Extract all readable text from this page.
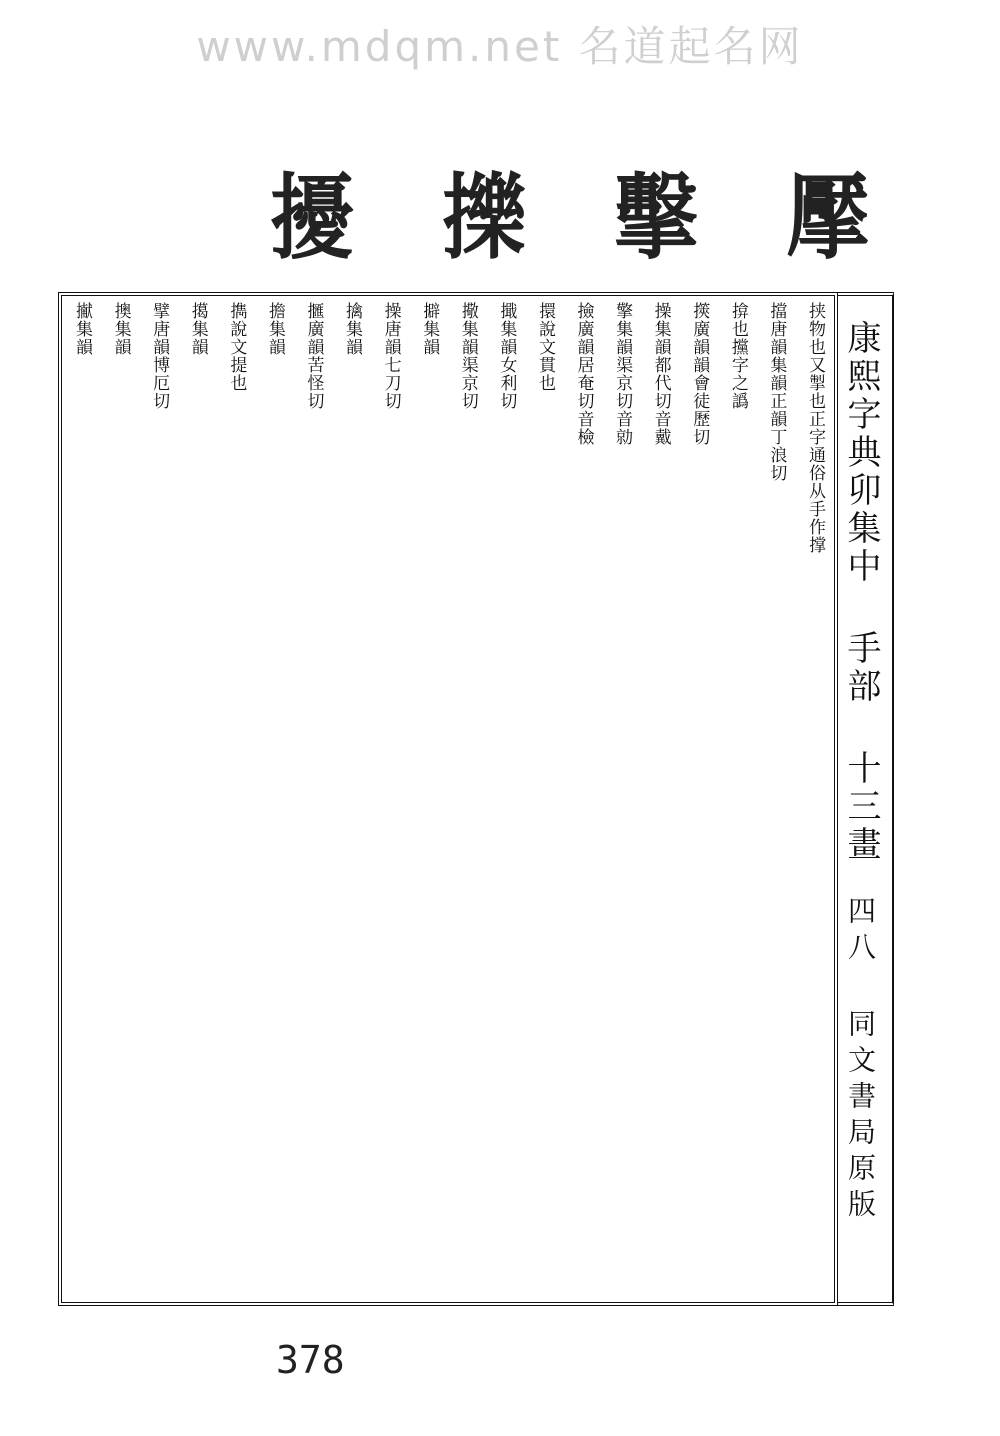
www.mdqm.net 名道起名网
擪
擊
擽
擾
挟物也又掣也正字通俗从手作撑
擋唐韻集韻正韻丁浪切
揜也攩字之譌
擌廣韻韻會徒歷切
操集韻都代切音戴
擎集韻渠京切音勍
撿廣韻居奄切音檢
擐說文貫也
擑集韻女利切
擏集韻渠京切
擗集韻
操唐韻七刀切
擒集韻
擓廣韻苦怪切
擔集韻
擕說文提也
擖集韻
擘唐韻博厄切
擙集韻
擜集韻	康熙字典卯集中 手部 十三畫
四八 同文書局原版
378
